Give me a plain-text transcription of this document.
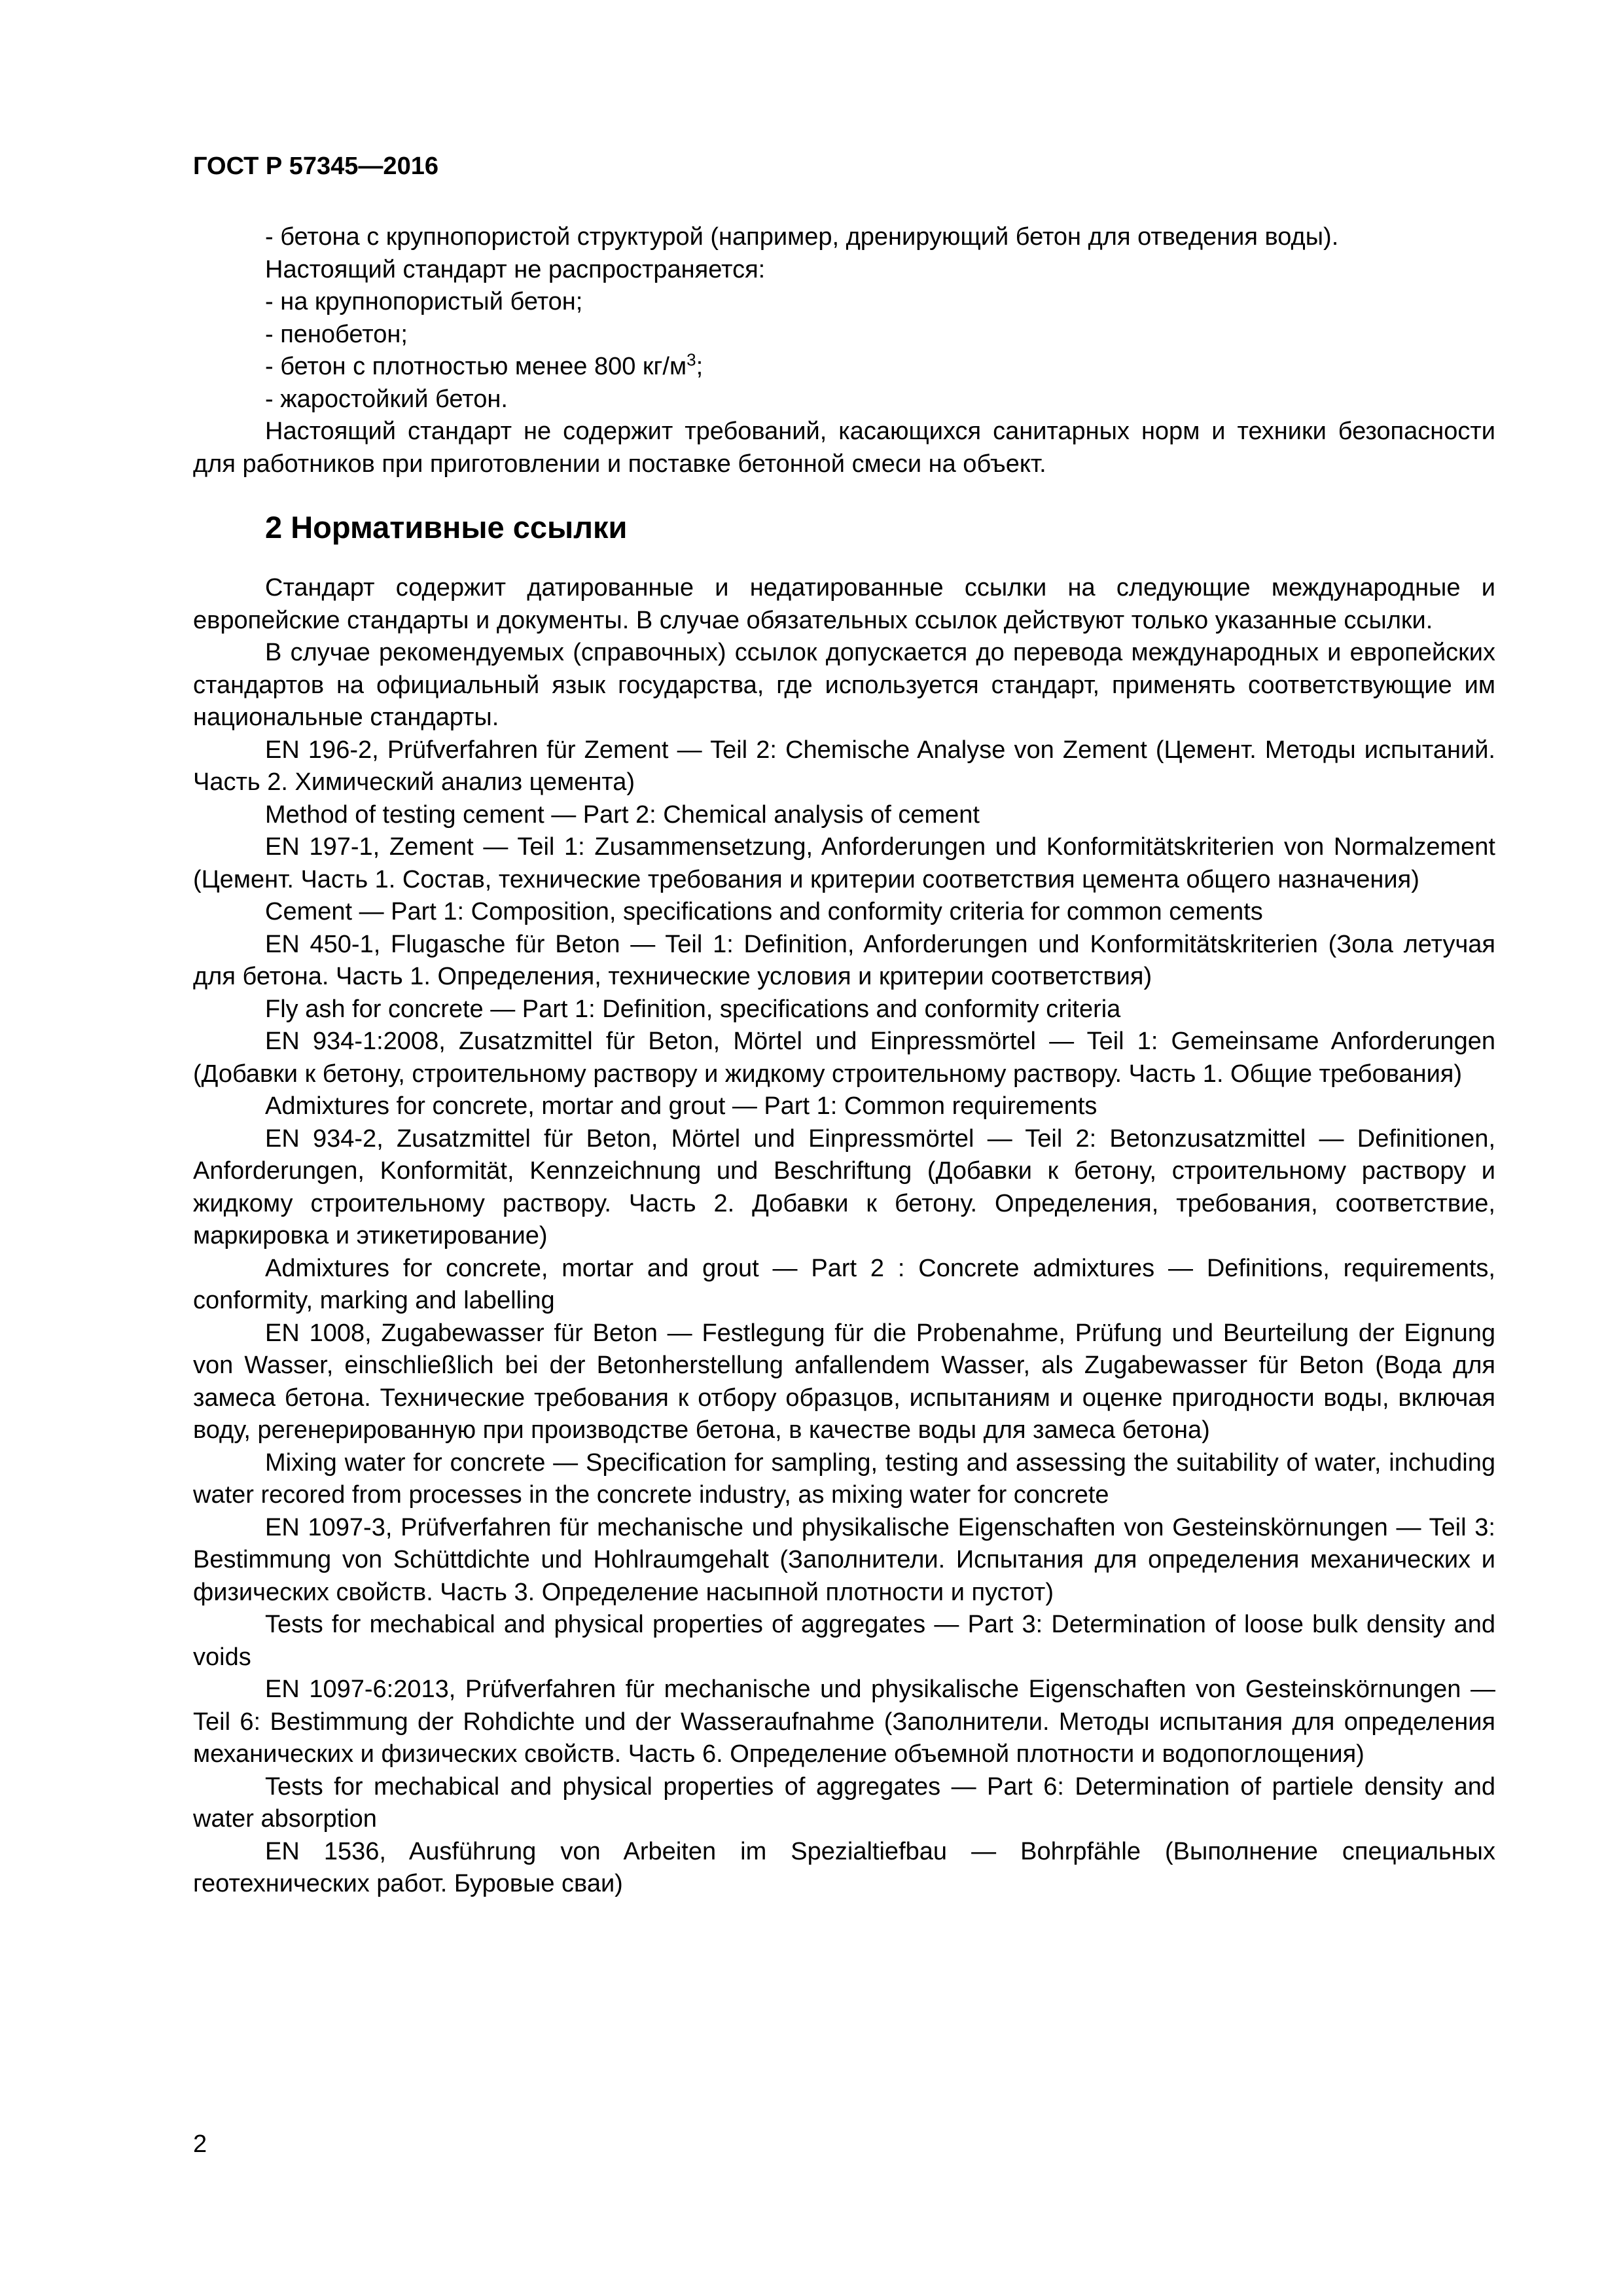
ГОСТ Р 57345—2016

- бетона с крупнопористой структурой (например, дренирующий бетон для отведения воды).

Настоящий стандарт не распространяется:

- на крупнопористый бетон;

- пенобетон;

- бетон с плотностью менее 800 $кг/м^3$;

- жаростойкий бетон.

Настоящий стандарт не содержит требований, касающихся санитарных норм и техники безопасности для работников при приготовлении и поставке бетонной смеси на объект.

2 Нормативные ссылки

Стандарт содержит датированные и недатированные ссылки на следующие международные и европейские стандарты и документы. В случае обязательных ссылок действуют только указанные ссылки.

В случае рекомендуемых (справочных) ссылок допускается до перевода международных и европейских стандартов на официальный язык государства, где используется стандарт, применять соответствующие им национальные стандарты.

EN 196-2, Prüfverfahren für Zement — Teil 2: Chemische Analyse von Zement (Цемент. Методы испытаний. Часть 2. Химический анализ цемента)

Method of testing cement — Part 2: Chemical analysis of cement

EN 197-1, Zement — Teil 1: Zusammensetzung, Anforderungen und Konformitätskriterien von Normalzement (Цемент. Часть 1. Состав, технические требования и критерии соответствия цемента общего назначения)

Cement — Part 1: Composition, specifications and conformity criteria for common cements

EN 450-1, Flugasche für Beton — Teil 1: Definition, Anforderungen und Konformitätskriterien (Зола летучая для бетона. Часть 1. Определения, технические условия и критерии соответствия)

Fly ash for concrete — Part 1: Definition, specifications and conformity criteria

EN 934-1:2008, Zusatzmittel für Beton, Mörtel und Einpressmörtel — Teil 1: Gemeinsame Anforderungen (Добавки к бетону, строительному раствору и жидкому строительному раствору. Часть 1. Общие требования)

Admixtures for concrete, mortar and grout — Part 1: Common requirements

EN 934-2, Zusatzmittel für Beton, Mörtel und Einpressmörtel — Teil 2: Betonzusatzmittel — Definitionen, Anforderungen, Konformität, Kennzeichnung und Beschriftung (Добавки к бетону, строительному раствору и жидкому строительному раствору. Часть 2. Добавки к бетону. Определения, требования, соответствие, маркировка и этикетирование)

Admixtures for concrete, mortar and grout — Part 2 : Concrete admixtures — Definitions, requirements, conformity, marking and labelling

EN 1008, Zugabewasser für Beton — Festlegung für die Probenahme, Prüfung und Beurteilung der Eignung von Wasser, einschließlich bei der Betonherstellung anfallendem Wasser, als Zugabewasser für Beton (Вода для замеса бетона. Технические требования к отбору образцов, испытаниям и оценке пригодности воды, включая воду, регенерированную при производстве бетона, в качестве воды для замеса бетона)

Mixing water for concrete — Specification for sampling, testing and assessing the suitability of water, inchuding water recored from processes in the concrete industry, as mixing water for concrete

EN 1097-3, Prüfverfahren für mechanische und physikalische Eigenschaften von Gesteinskörnungen — Teil 3: Bestimmung von Schüttdichte und Hohlraumgehalt (Заполнители. Испытания для определения механических и физических свойств. Часть 3. Определение насыпной плотности и пустот)

Tests for mechabical and physical properties of aggregates — Part 3: Determination of loose bulk density and voids

EN 1097-6:2013, Prüfverfahren für mechanische und physikalische Eigenschaften von Gesteinskörnungen — Teil 6: Bestimmung der Rohdichte und der Wasseraufnahme (Заполнители. Методы испытания для определения механических и физических свойств. Часть 6. Определение объемной плотности и водопоглощения)

Tests for mechabical and physical properties of aggregates — Part 6: Determination of partiele density and water absorption

EN 1536, Ausführung von Arbeiten im Spezialtiefbau — Bohrpfähle (Выполнение специальных геотехнических работ. Буровые сваи)

2
